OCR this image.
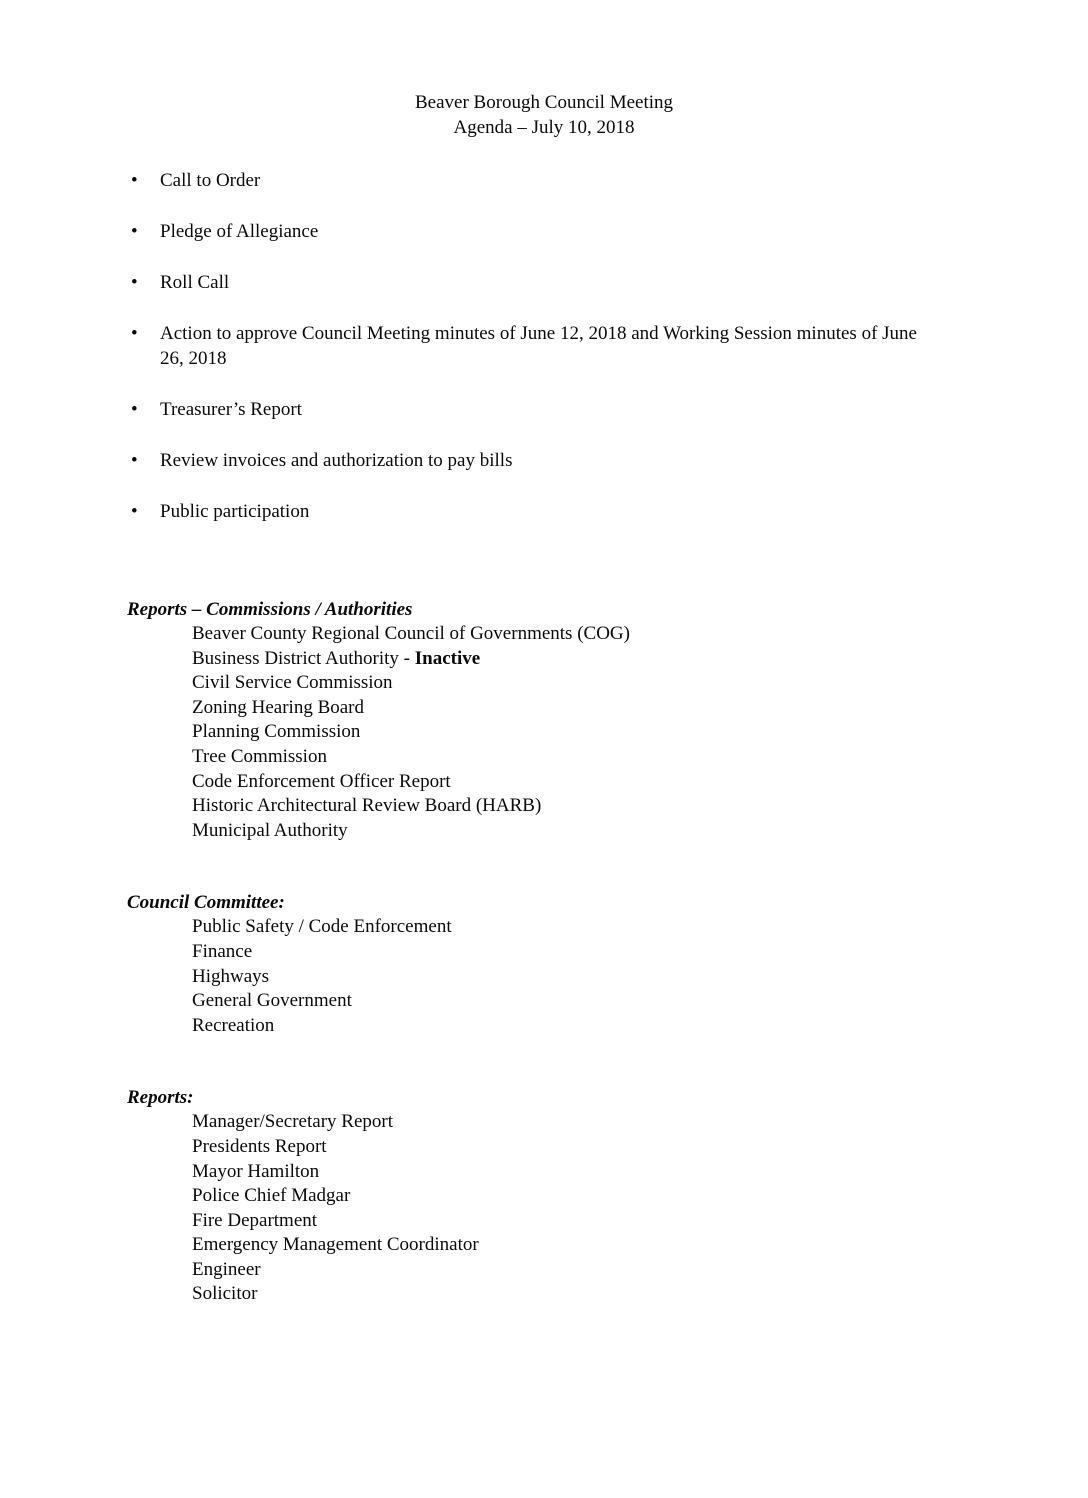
Beaver Borough Council Meeting
Agenda – July 10, 2018
• Call to Order
• Pledge of Allegiance
• Roll Call
• Action to approve Council Meeting minutes of June 12, 2018 and Working Session minutes of June 26, 2018
• Treasurer’s Report
• Review invoices and authorization to pay bills
• Public participation
Reports – Commissions / Authorities
Beaver County Regional Council of Governments (COG)
Business District Authority - Inactive
Civil Service Commission
Zoning Hearing Board
Planning Commission
Tree Commission
Code Enforcement Officer Report
Historic Architectural Review Board (HARB)
Municipal Authority
Council Committee:
Public Safety / Code Enforcement
Finance
Highways
General Government
Recreation
Reports:
Manager/Secretary Report
Presidents Report
Mayor Hamilton
Police Chief Madgar
Fire Department
Emergency Management Coordinator
Engineer
Solicitor
